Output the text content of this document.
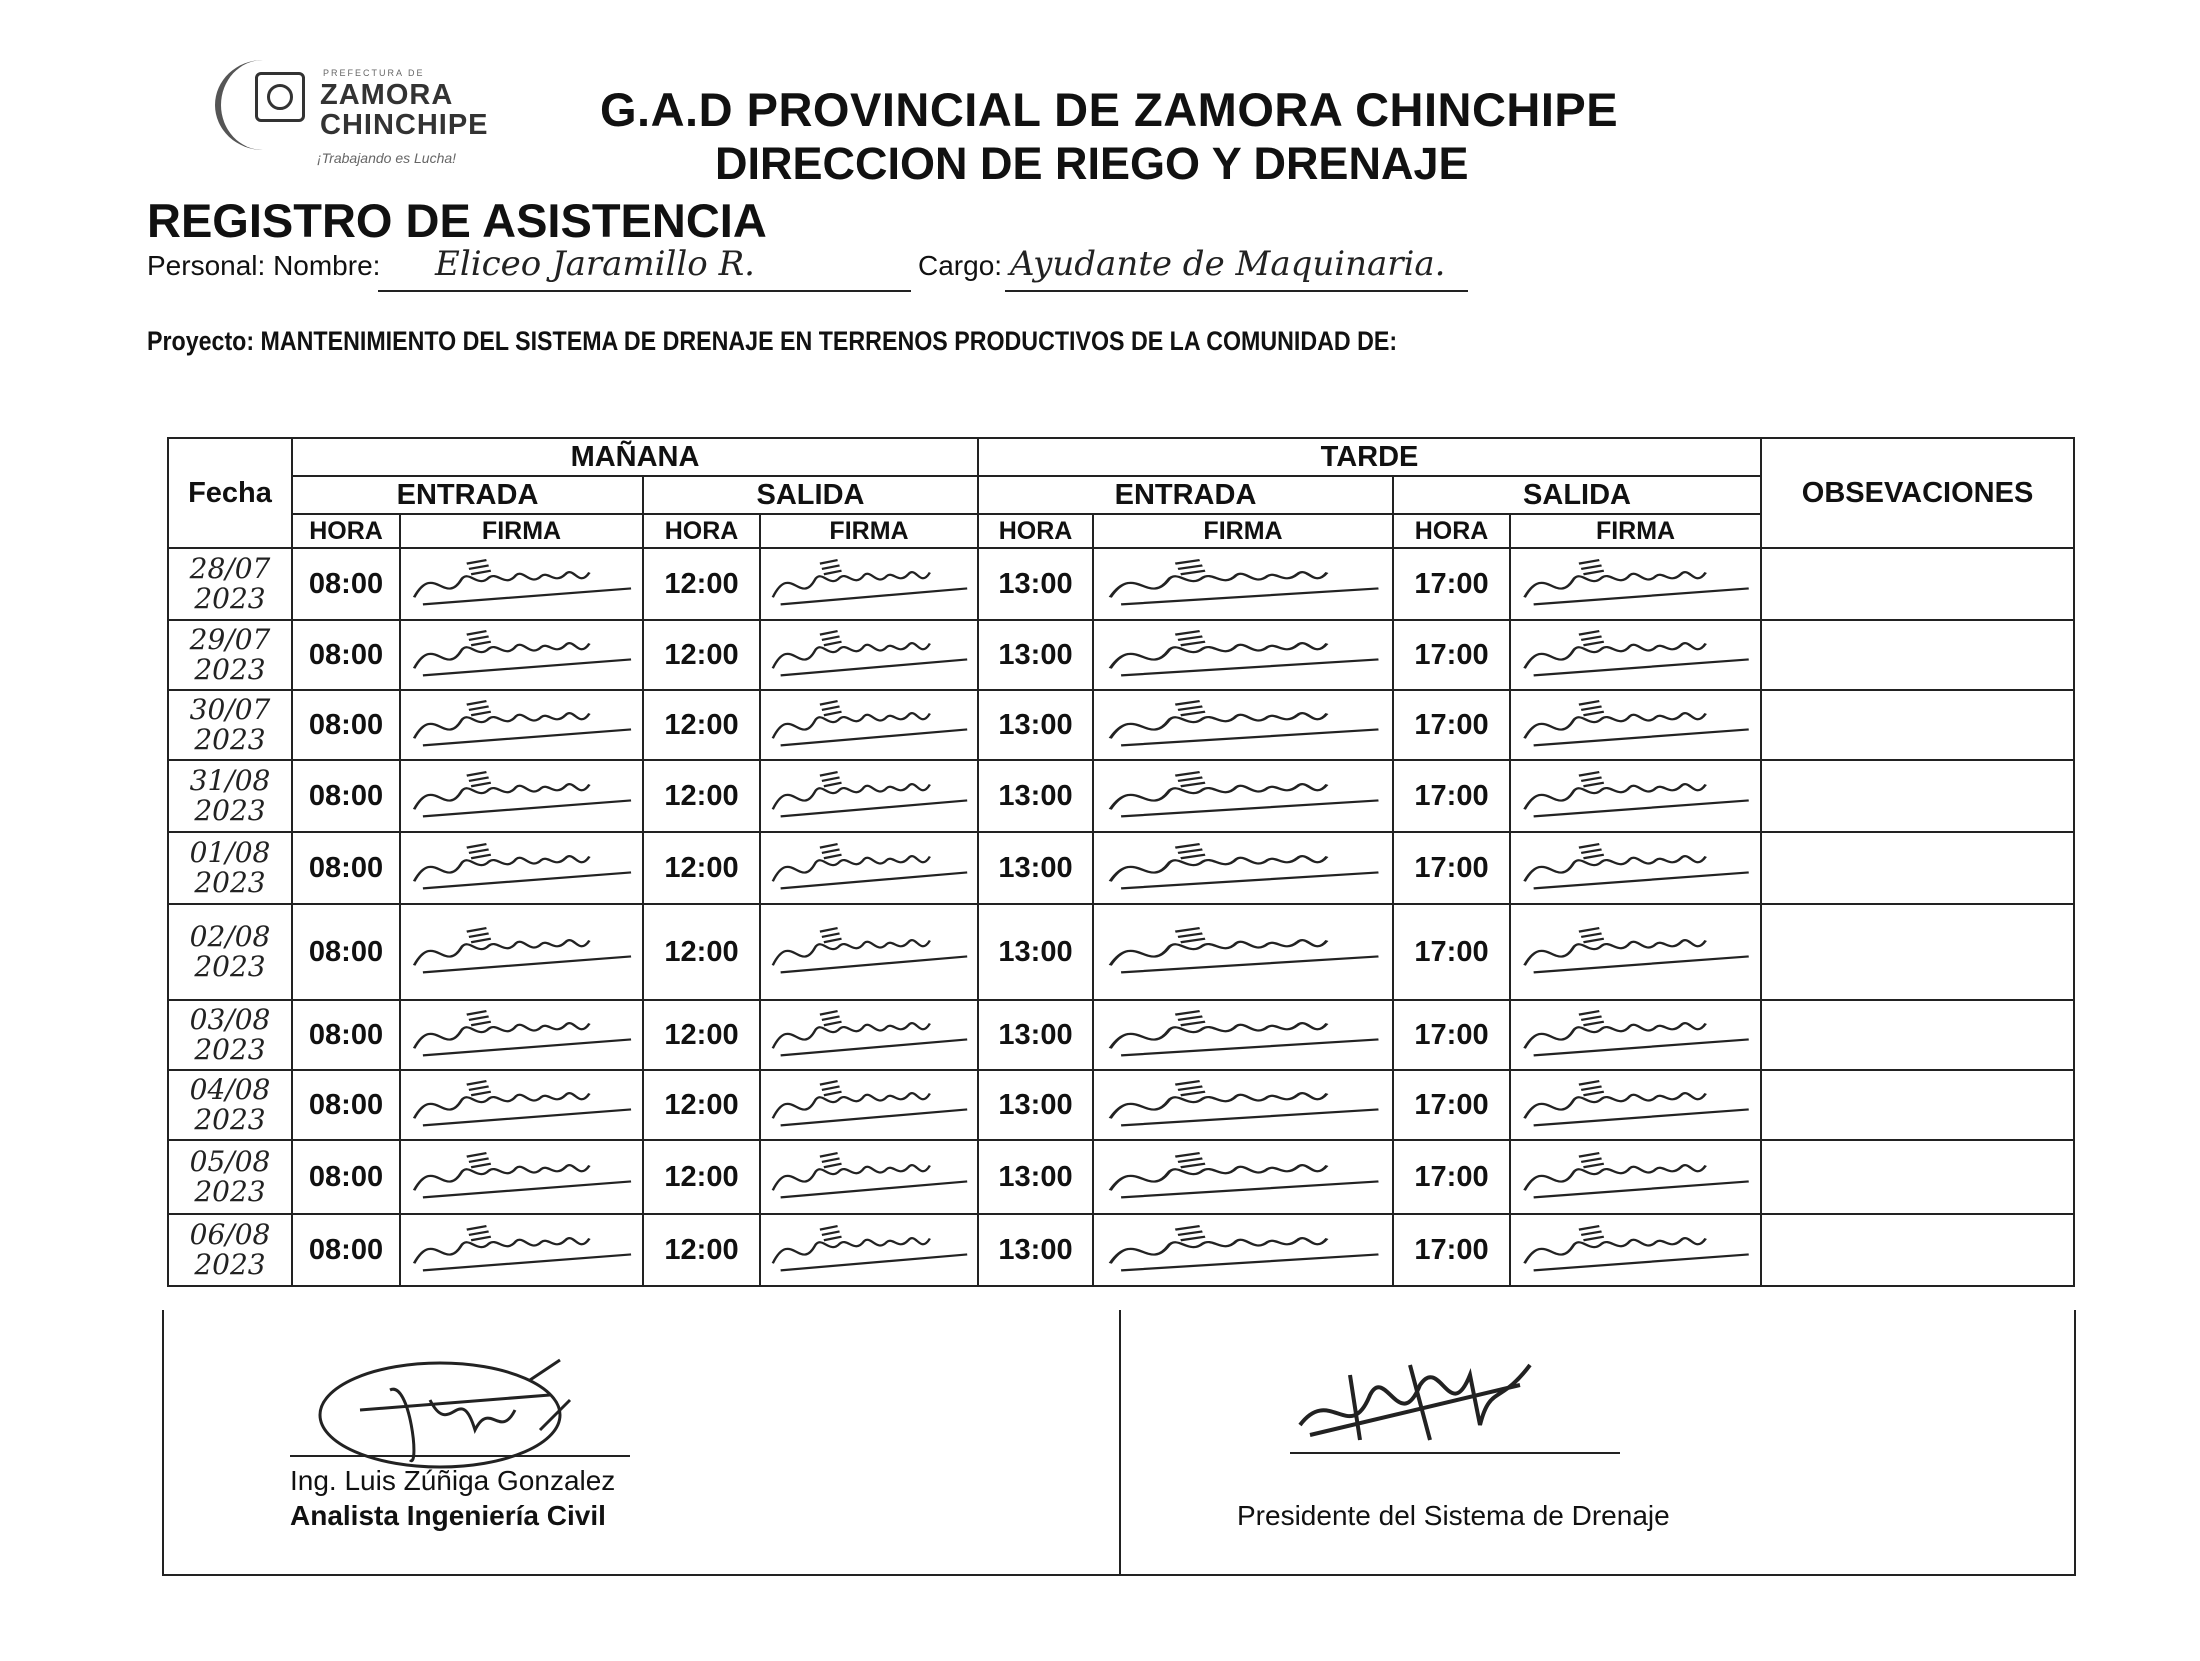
PREFECTURA DE
ZAMORA
CHINCHIPE
¡Trabajando es Lucha!
G.A.D PROVINCIAL DE ZAMORA CHINCHIPE
DIRECCION DE RIEGO Y DRENAJE
REGISTRO DE ASISTENCIA
Personal: Nombre: Eliceo Jaramillo R.	Cargo: Ayudante de Maquinaria.
Proyecto: MANTENIMIENTO DEL SISTEMA DE DRENAJE EN TERRENOS PRODUCTIVOS DE LA COMUNIDAD DE:
Fecha	MAÑANA				TARDE				OBSEVACIONES
	ENTRADA		SALIDA		ENTRADA		SALIDA		
	HORA	FIRMA	HORA	FIRMA	HORA	FIRMA	HORA	FIRMA	

28/07
2023	08:00		12:00		13:00		17:00	

29/07
2023	08:00		12:00		13:00		17:00	

30/07
2023	08:00		12:00		13:00		17:00	

31/08
2023	08:00		12:00		13:00		17:00	

01/08
2023	08:00		12:00		13:00		17:00	

02/08
2023	08:00		12:00		13:00		17:00	

03/08
2023	08:00		12:00		13:00		17:00	

04/08
2023	08:00		12:00		13:00		17:00	

05/08
2023	08:00		12:00		13:00		17:00	

06/08
2023	08:00		12:00		13:00		17:00	

Ing. Luis Zúñiga Gonzalez
Analista Ingeniería Civil	Presidente del Sistema de Drenaje
